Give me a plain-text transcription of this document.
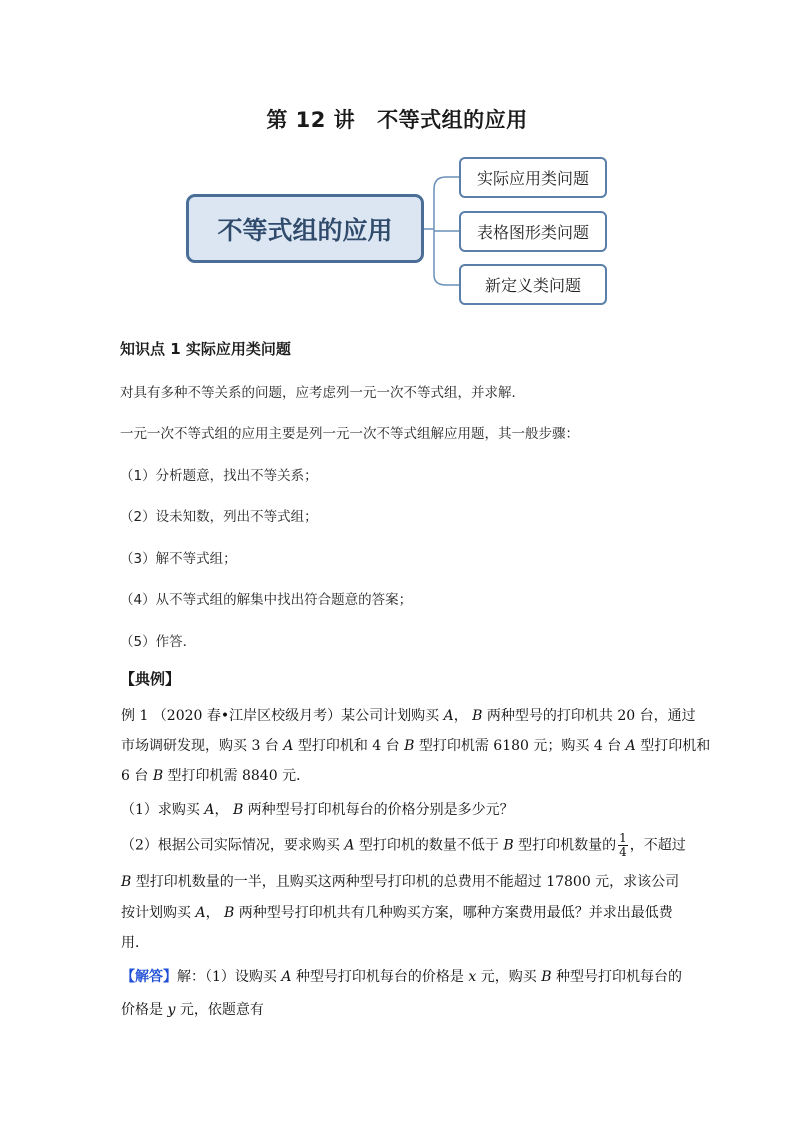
第 12 讲 不等式组的应用
不等式组的应用
实际应用类问题
表格图形类问题
新定义类问题
知识点 1 实际应用类问题
对具有多种不等关系的问题，应考虑列一元一次不等式组，并求解．
一元一次不等式组的应用主要是列一元一次不等式组解应用题，其一般步骤：
（1）分析题意，找出不等关系；
（2）设未知数，列出不等式组；
（3）解不等式组；
（4）从不等式组的解集中找出符合题意的答案；
（5）作答．
【典例】
例 1 （2020 春•江岸区校级月考）某公司计划购买 A， B 两种型号的打印机共 20 台，通过
市场调研发现，购买 3 台 A 型打印机和 4 台 B 型打印机需 6180 元；购买 4 台 A 型打印机和
6 台 B 型打印机需 8840 元．
（1）求购买 A， B 两种型号打印机每台的价格分别是多少元？
（2）根据公司实际情况，要求购买 A 型打印机的数量不低于 B 型打印机数量的 $\frac{1}{4}$ ，不超过
B 型打印机数量的一半，且购买这两种型号打印机的总费用不能超过 17800 元，求该公司
按计划购买 A， B 两种型号打印机共有几种购买方案，哪种方案费用最低？并求出最低费
用．
【解答】解：（1）设购买 A 种型号打印机每台的价格是 x 元，购买 B 种型号打印机每台的
价格是 y 元，依题意有
